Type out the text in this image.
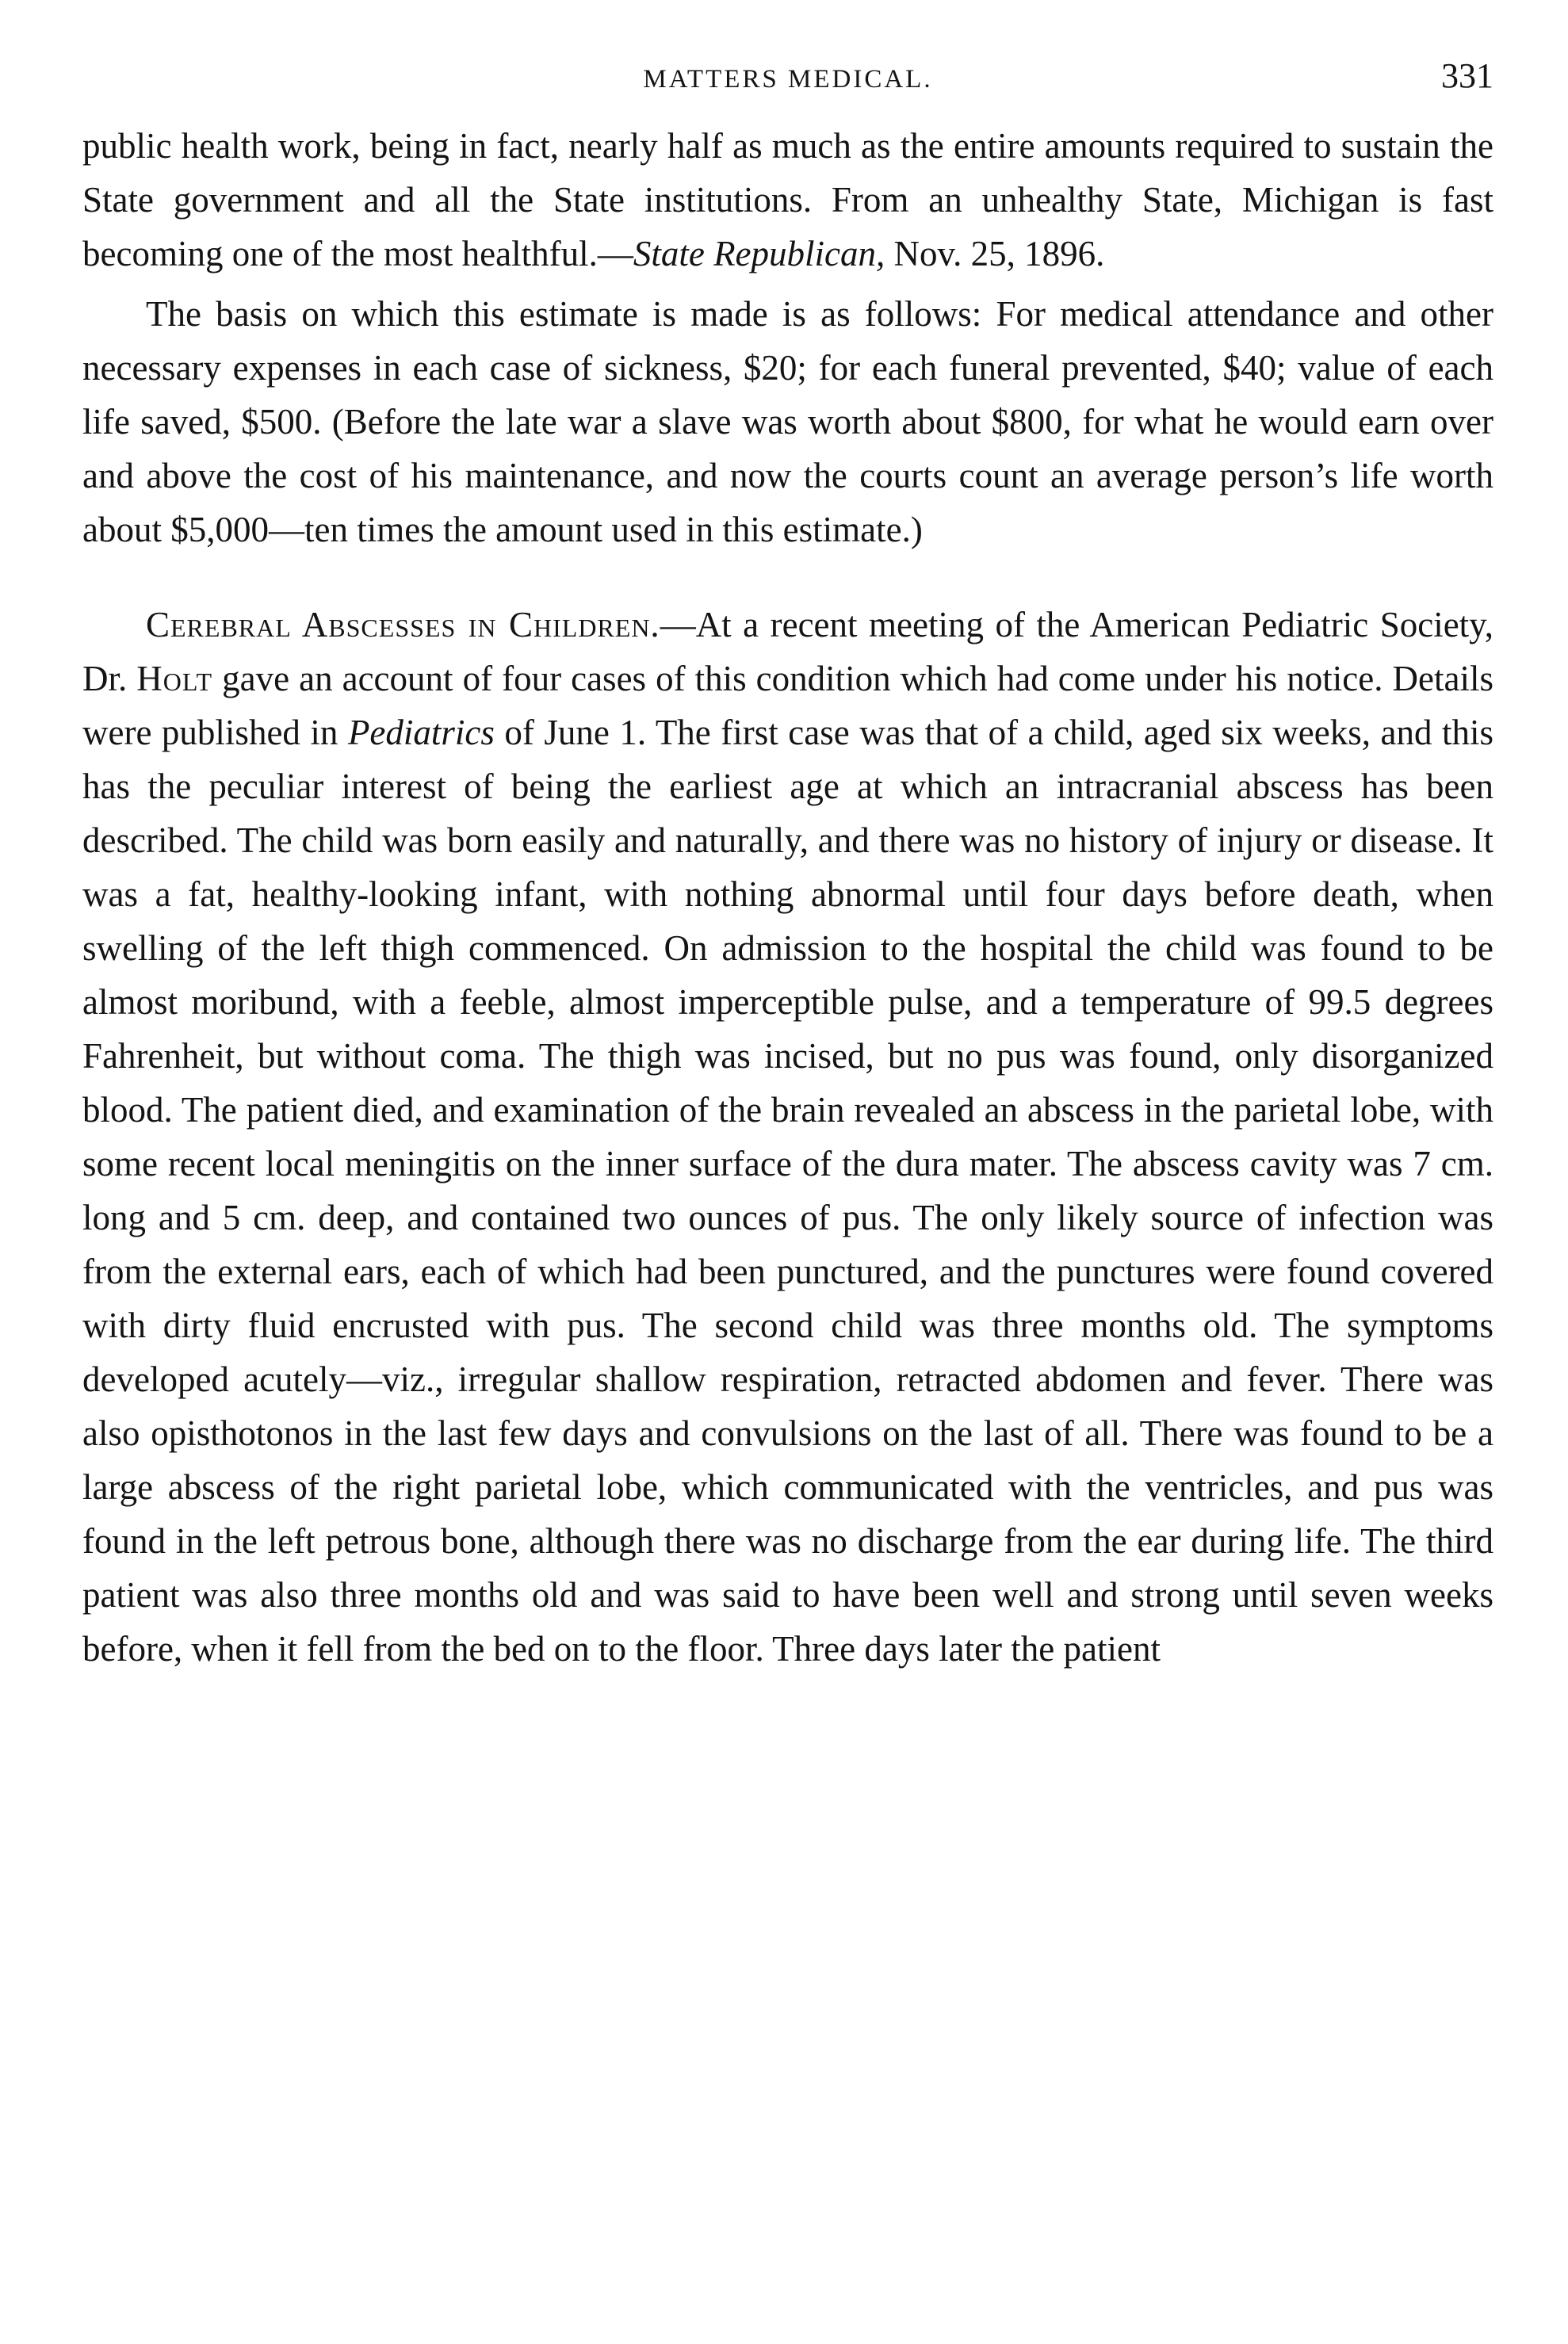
MATTERS MEDICAL.	331

public health work, being in fact, nearly half as much as the entire amounts required to sustain the State government and all the State institutions. From an unhealthy State, Michigan is fast becoming one of the most healthful.—State Republican, Nov. 25, 1896.

The basis on which this estimate is made is as follows: For medical attendance and other necessary expenses in each case of sickness, $20; for each funeral prevented, $40; value of each life saved, $500. (Before the late war a slave was worth about $800, for what he would earn over and above the cost of his maintenance, and now the courts count an average person’s life worth about $5,000—ten times the amount used in this estimate.)

Cerebral Abscesses in Children.—At a recent meeting of the American Pediatric Society, Dr. Holt gave an account of four cases of this condition which had come under his notice. Details were published in Pediatrics of June 1. The first case was that of a child, aged six weeks, and this has the peculiar interest of being the earliest age at which an intracranial abscess has been described. The child was born easily and naturally, and there was no history of injury or disease. It was a fat, healthy-looking infant, with nothing abnormal until four days before death, when swelling of the left thigh commenced. On admission to the hospital the child was found to be almost moribund, with a feeble, almost imperceptible pulse, and a temperature of 99.5 degrees Fahrenheit, but without coma. The thigh was incised, but no pus was found, only disorganized blood. The patient died, and examination of the brain revealed an abscess in the parietal lobe, with some recent local meningitis on the inner surface of the dura mater. The abscess cavity was 7 cm. long and 5 cm. deep, and contained two ounces of pus. The only likely source of infection was from the external ears, each of which had been punctured, and the punctures were found covered with dirty fluid encrusted with pus. The second child was three months old. The symptoms developed acutely—viz., irregular shallow respiration, retracted abdomen and fever. There was also opisthotonos in the last few days and convulsions on the last of all. There was found to be a large abscess of the right parietal lobe, which communicated with the ventricles, and pus was found in the left petrous bone, although there was no discharge from the ear during life. The third patient was also three months old and was said to have been well and strong until seven weeks before, when it fell from the bed on to the floor. Three days later the patient
